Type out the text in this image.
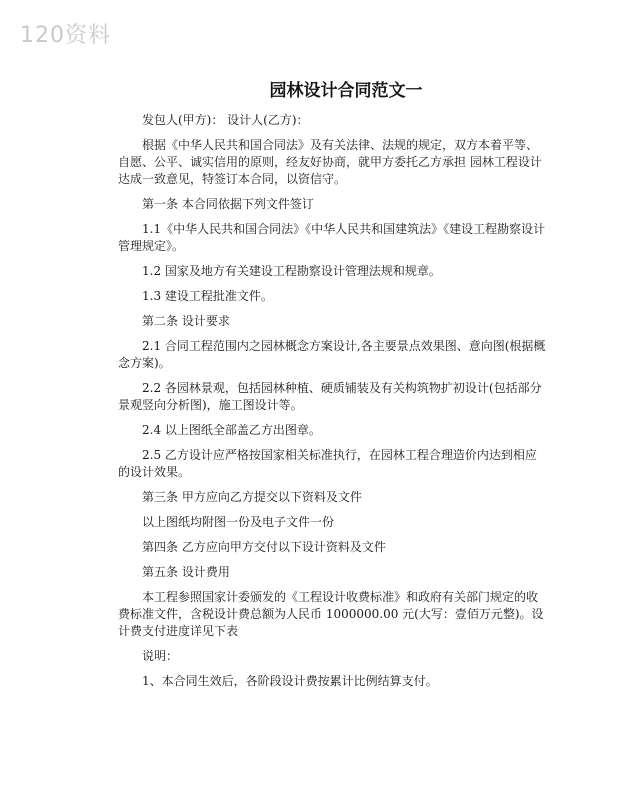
120资料
园林设计合同范文一

发包人(甲方)： 设计人(乙方)：

根据《中华人民共和国合同法》及有关法律、法规的规定，双方本着平等、自愿、公平、诚实信用的原则，经友好协商，就甲方委托乙方承担 园林工程设计达成一致意见，特签订本合同，以资信守。

第一条 本合同依据下列文件签订

1.1《中华人民共和国合同法》《中华人民共和国建筑法》《建设工程勘察设计管理规定》。

1.2 国家及地方有关建设工程勘察设计管理法规和规章。

1.3 建设工程批准文件。

第二条 设计要求

2.1 合同工程范围内之园林概念方案设计,各主要景点效果图、意向图(根据概念方案)。

2.2 各园林景观，包括园林种植、硬质铺装及有关构筑物扩初设计(包括部分景观竖向分析图)，施工图设计等。

2.4 以上图纸全部盖乙方出图章。

2.5 乙方设计应严格按国家相关标准执行，在园林工程合理造价内达到相应的设计效果。

第三条 甲方应向乙方提交以下资料及文件

以上图纸均附图一份及电子文件一份

第四条 乙方应向甲方交付以下设计资料及文件

第五条 设计费用

本工程参照国家计委颁发的《工程设计收费标准》和政府有关部门规定的收费标准文件，含税设计费总额为人民币 1000000.00 元(大写：壹佰万元整)。设计费支付进度详见下表

说明：

1、本合同生效后，各阶段设计费按累计比例结算支付。
